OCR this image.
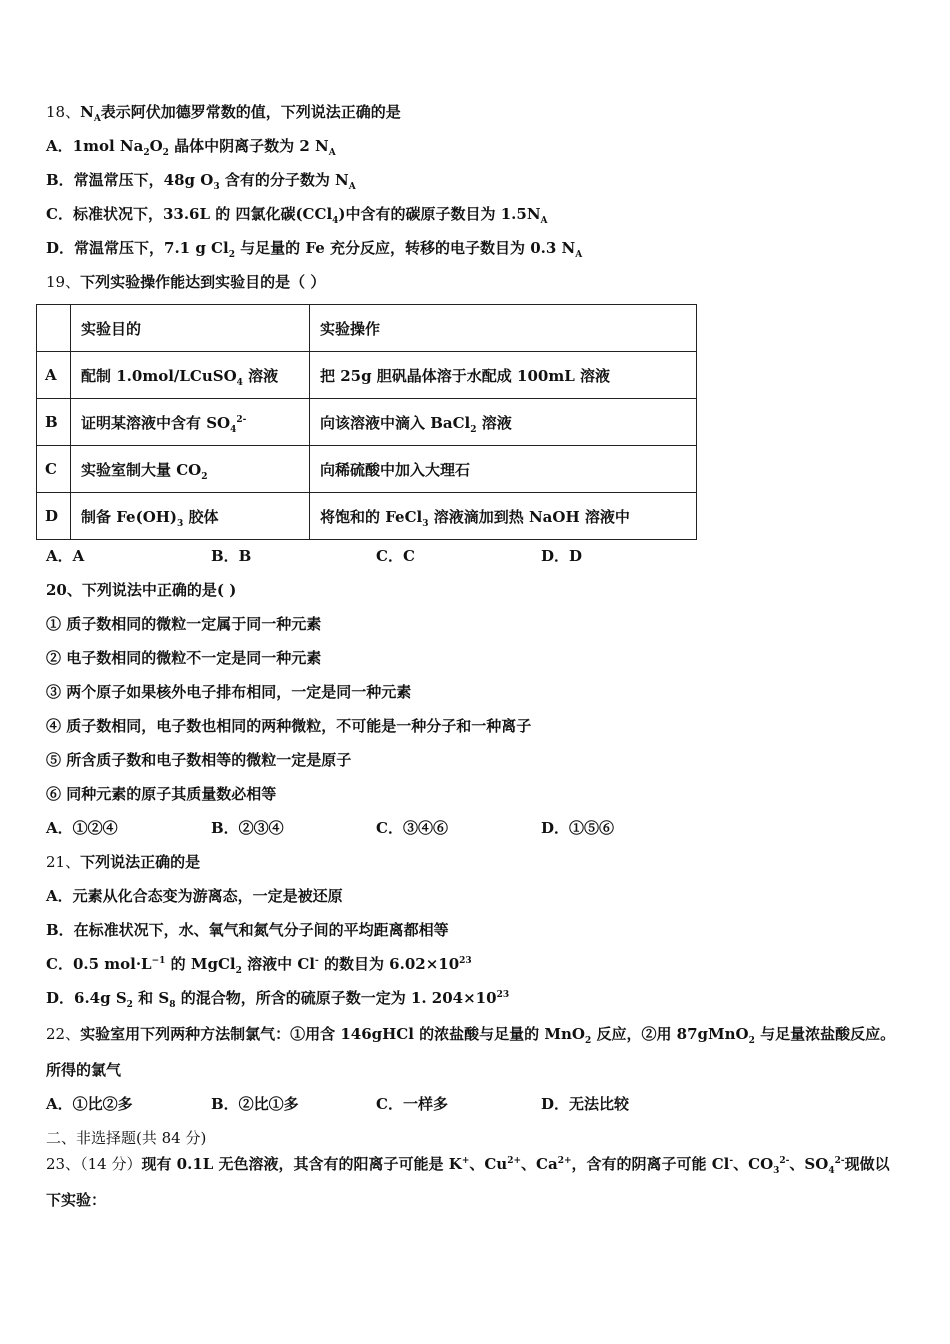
18、$N_A$表示阿伏加德罗常数的值，下列说法正确的是
A．1mol $Na_2O_2$ 晶体中阴离子数为 2 $N_A$
B．常温常压下，48g $O_3$ 含有的分子数为 $N_A$
C．标准状况下，33.6L 的 四氯化碳(CCl$_4$)中含有的碳原子数目为 $1.5N_A$
D．常温常压下，7.1 g $Cl_2$ 与足量的 Fe 充分反应，转移的电子数目为 0.3 $N_A$
19、下列实验操作能达到实验目的是（ ）
	实验目的	实验操作
A	配制 1.0mol/LCuSO$_4$ 溶液	把 25g 胆矾晶体溶于水配成 100mL 溶液
B	证明某溶液中含有 $SO_4^{2-}$	向该溶液中滴入 BaCl$_2$ 溶液
C	实验室制大量 $CO_2$	向稀硫酸中加入大理石
D	制备 $Fe(OH)_3$ 胶体	将饱和的 FeCl$_3$ 溶液滴加到热 NaOH 溶液中
A．A	B．B	C．C	D．D
20、下列说法中正确的是( )
① 质子数相同的微粒一定属于同一种元素
② 电子数相同的微粒不一定是同一种元素
③ 两个原子如果核外电子排布相同，一定是同一种元素
④ 质子数相同，电子数也相同的两种微粒，不可能是一种分子和一种离子
⑤ 所含质子数和电子数相等的微粒一定是原子
⑥ 同种元素的原子其质量数必相等
A．①②④	B．②③④	C．③④⑥	D．①⑤⑥
21、下列说法正确的是
A．元素从化合态变为游离态，一定是被还原
B．在标准状况下，水、氧气和氮气分子间的平均距离都相等
C．0.5 $mol\cdot L^{-1}$ 的 MgCl$_2$ 溶液中 Cl- 的数目为 $6.02\times 10^{23}$
D．6.4g $S_2$ 和 $S_8$ 的混合物，所含的硫原子数一定为 1. $204\times 10^{23}$
22、实验室用下列两种方法制氯气：①用含 146gHCl 的浓盐酸与足量的 MnO$_2$ 反应，②用 87gMnO$_2$ 与足量浓盐酸反应。
所得的氯气
A．①比②多	B．②比①多	C．一样多	D．无法比较
二、非选择题(共 84 分)
23、（14 分）现有 0.1L 无色溶液，其含有的阳离子可能是 K+、$Cu^{2+}$、$Ca^{2+}$，含有的阴离子可能 Cl-、$CO_3^{2-}$、$SO_4^{2-}$现做以
下实验：
